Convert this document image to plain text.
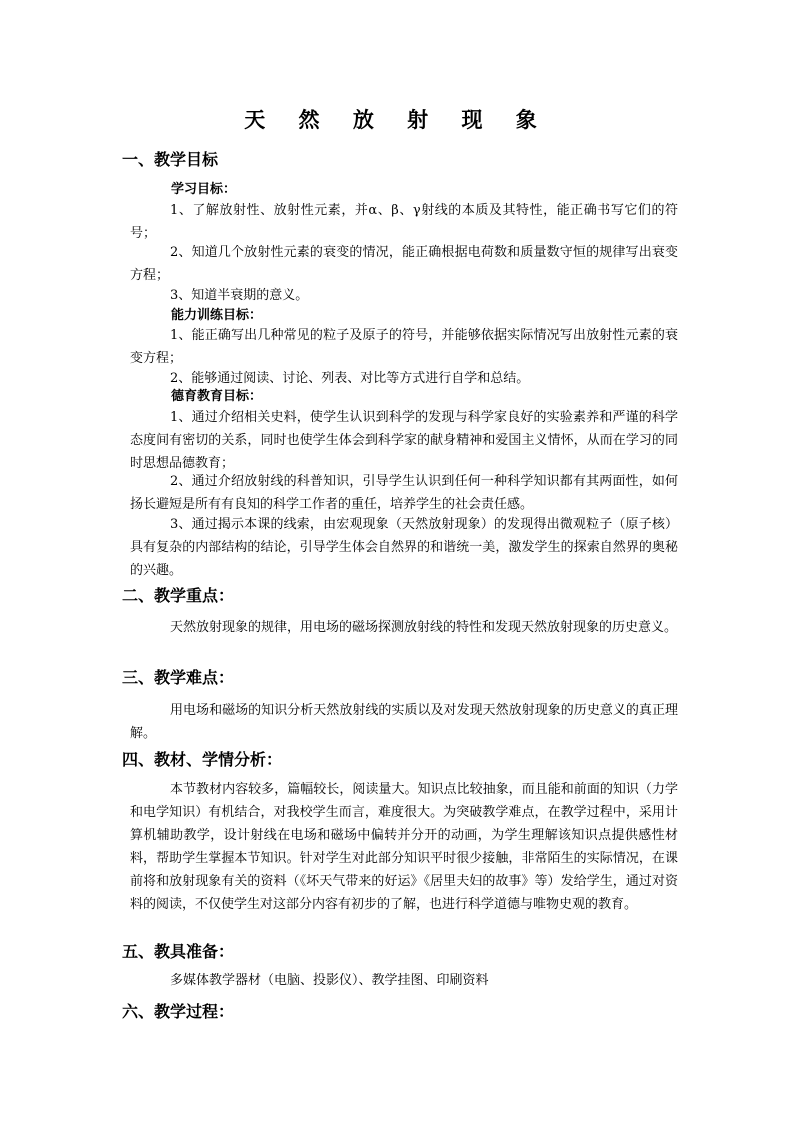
天 然 放 射 现 象
一、教学目标
学习目标：
1、了解放射性、放射性元素，并α、β、γ射线的本质及其特性，能正确书写它们的符号；
2、知道几个放射性元素的衰变的情况，能正确根据电荷数和质量数守恒的规律写出衰变方程；
3、知道半衰期的意义。
能力训练目标：
1、能正确写出几种常见的粒子及原子的符号，并能够依据实际情况写出放射性元素的衰变方程；
2、能够通过阅读、讨论、列表、对比等方式进行自学和总结。
德育教育目标：
1、通过介绍相关史料，使学生认识到科学的发现与科学家良好的实验素养和严谨的科学态度间有密切的关系，同时也使学生体会到科学家的献身精神和爱国主义情怀，从而在学习的同时思想品德教育；
2、通过介绍放射线的科普知识，引导学生认识到任何一种科学知识都有其两面性，如何扬长避短是所有有良知的科学工作者的重任，培养学生的社会责任感。
3、通过揭示本课的线索，由宏观现象（天然放射现象）的发现得出微观粒子（原子核）具有复杂的内部结构的结论，引导学生体会自然界的和谐统一美，激发学生的探索自然界的奥秘的兴趣。
二、教学重点：
天然放射现象的规律，用电场的磁场探测放射线的特性和发现天然放射现象的历史意义。
三、教学难点：
用电场和磁场的知识分析天然放射线的实质以及对发现天然放射现象的历史意义的真正理解。
四、教材、学情分析：
本节教材内容较多，篇幅较长，阅读量大。知识点比较抽象，而且能和前面的知识（力学和电学知识）有机结合，对我校学生而言，难度很大。为突破教学难点，在教学过程中，采用计算机辅助教学，设计射线在电场和磁场中偏转并分开的动画，为学生理解该知识点提供感性材料，帮助学生掌握本节知识。针对学生对此部分知识平时很少接触，非常陌生的实际情况，在课前将和放射现象有关的资料（《坏天气带来的好运》《居里夫妇的故事》等）发给学生，通过对资料的阅读，不仅使学生对这部分内容有初步的了解，也进行科学道德与唯物史观的教育。
五、教具准备：
多媒体教学器材（电脑、投影仪）、教学挂图、印刷资料
六、教学过程：
